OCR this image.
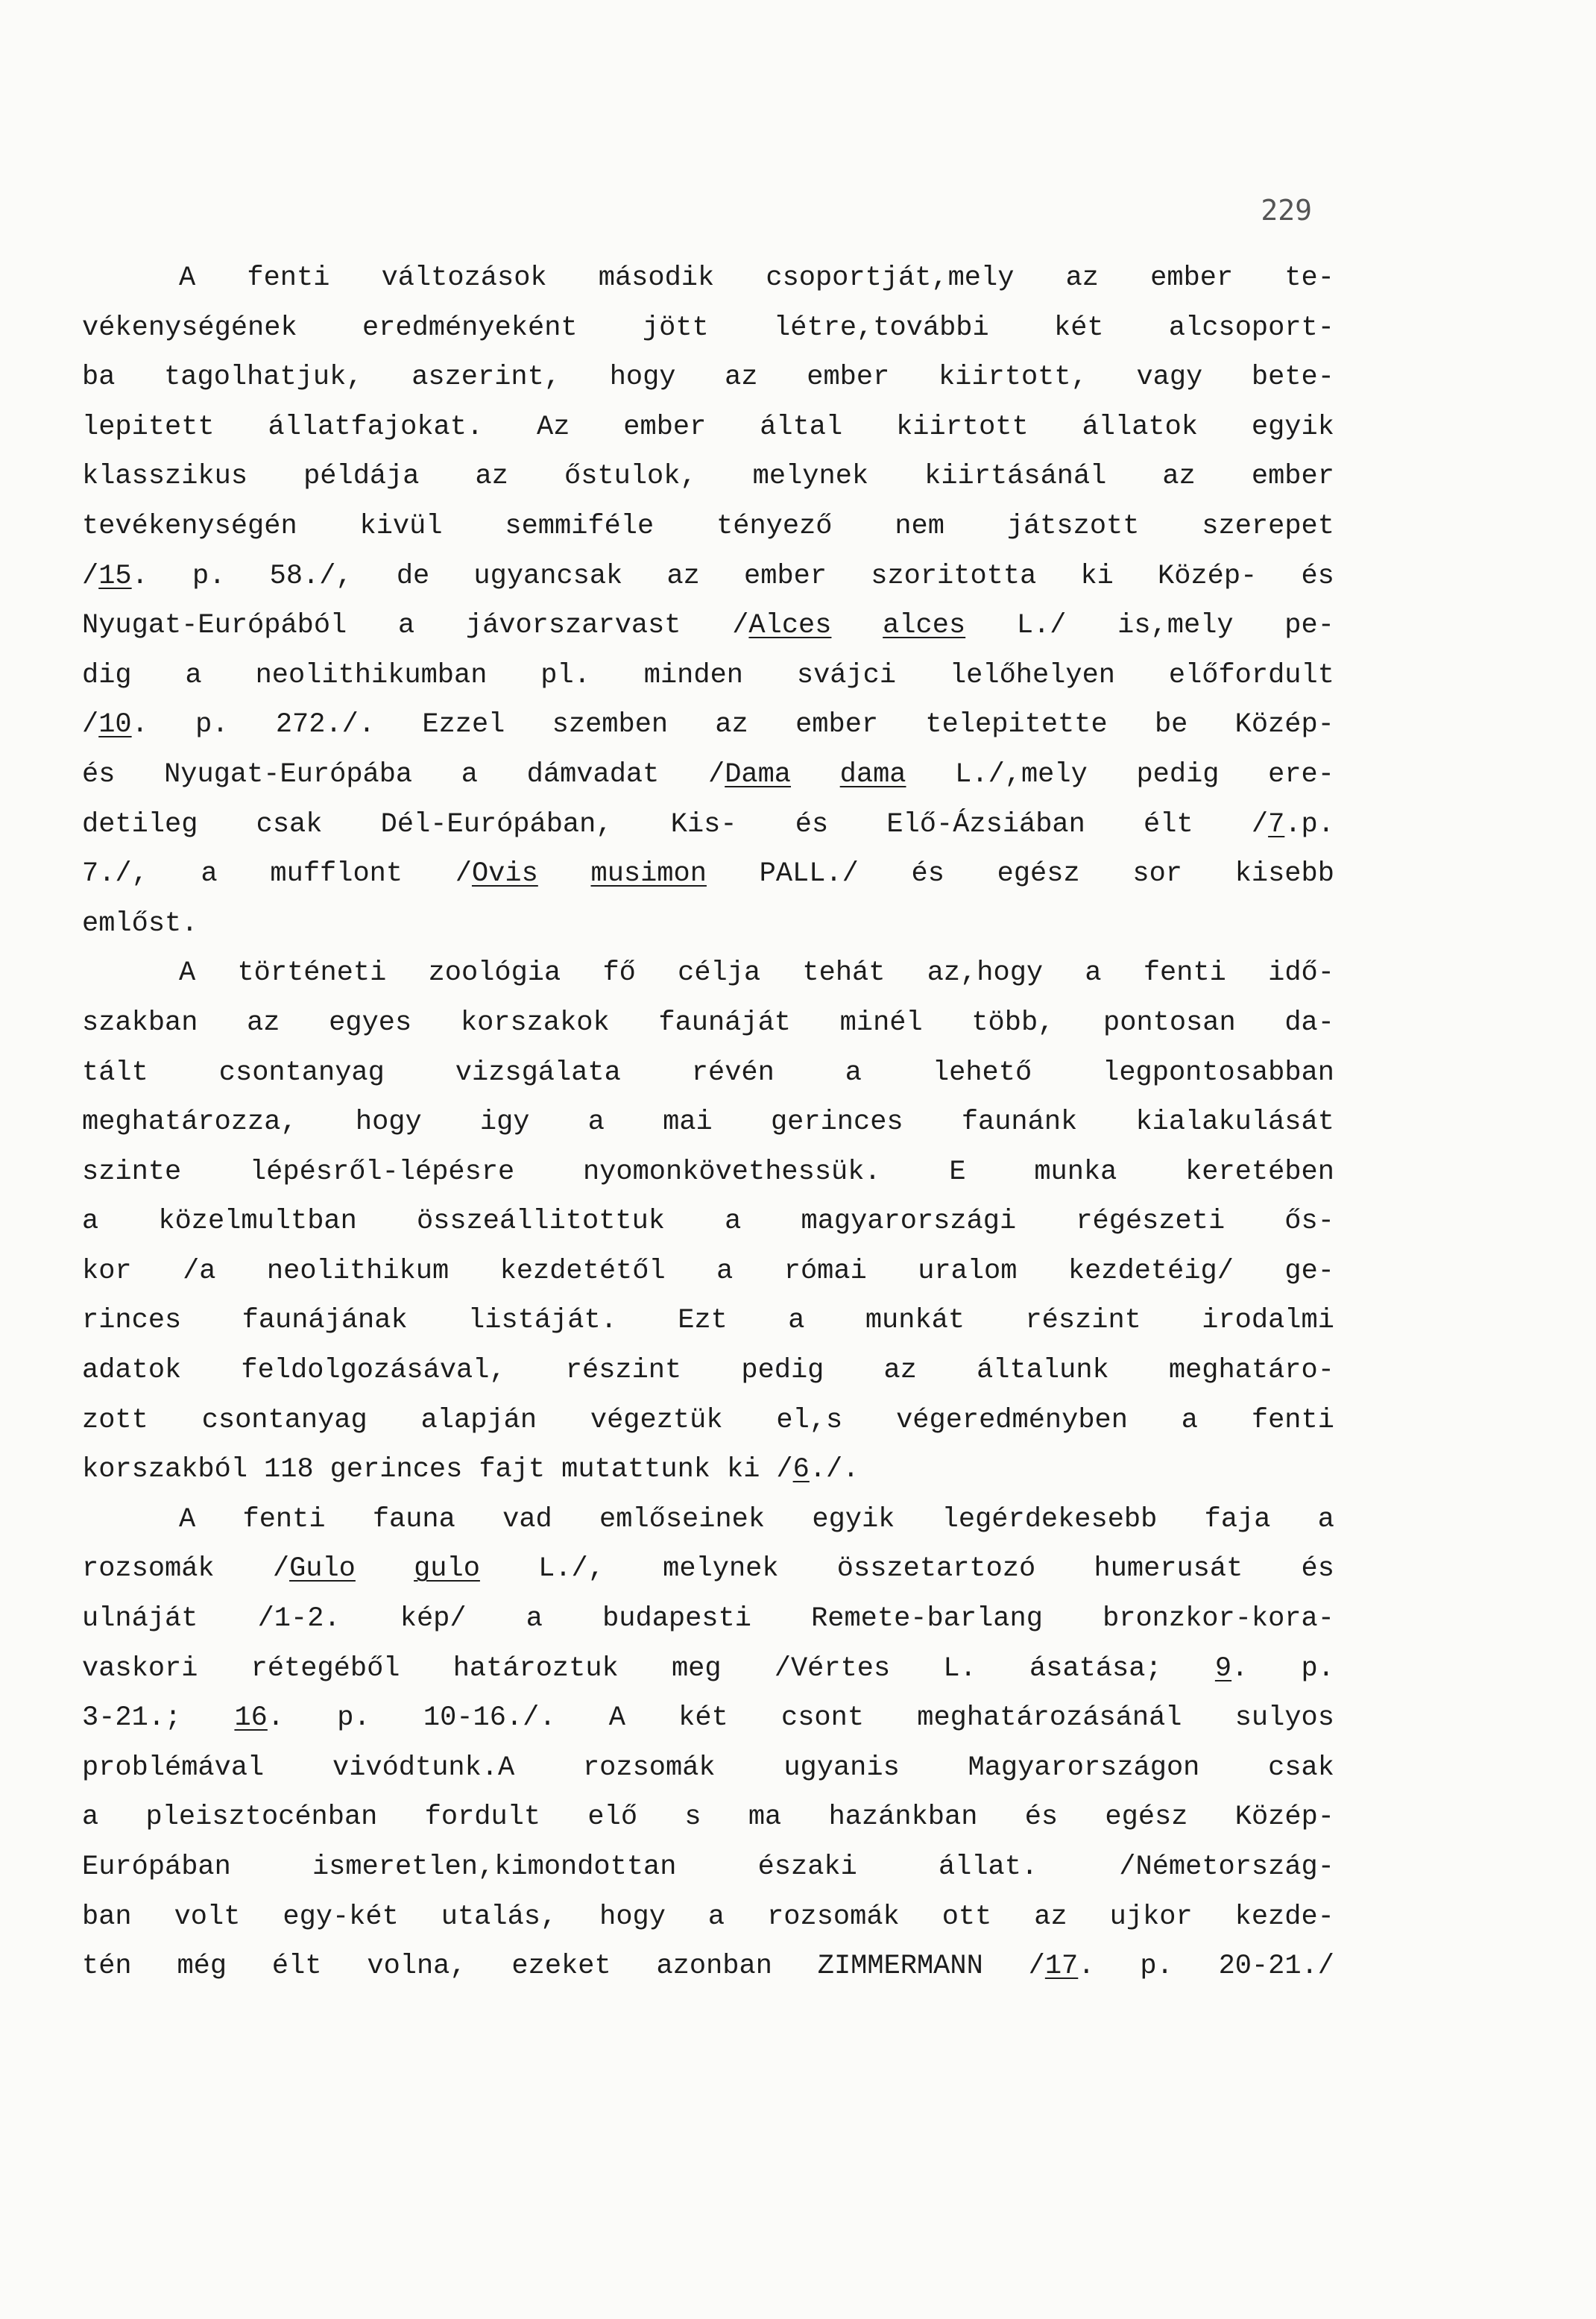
229
A fenti változások második csoportját,mely az ember te-
vékenységének eredményeként jött létre,további két alcsoport-
ba tagolhatjuk, aszerint, hogy az ember kiirtott, vagy bete-
lepitett állatfajokat. Az ember által kiirtott állatok egyik
klasszikus példája az őstulok, melynek kiirtásánál az ember
tevékenységén kivül semmiféle tényező nem játszott szerepet
/15. p. 58./, de ugyancsak az ember szoritotta ki Közép- és
Nyugat-Európából a jávorszarvast /Alces alces L./ is,mely pe-
dig a neolithikumban pl. minden svájci lelőhelyen előfordult
/10. p. 272./. Ezzel szemben az ember telepitette be Közép-
és Nyugat-Európába a dámvadat /Dama dama L./,mely pedig ere-
detileg csak Dél-Európában, Kis- és Elő-Ázsiában élt /7.p.
7./, a mufflont /Ovis musimon PALL./ és egész sor kisebb
emlőst.
A történeti zoológia fő célja tehát az,hogy a fenti idő-
szakban az egyes korszakok faunáját minél több, pontosan da-
tált	csontanyag	vizsgálata	révén	a	lehető	legpontosabban
meghatározza, hogy igy a mai gerinces faunánk kialakulását
szinte lépésről-lépésre nyomonkövethessük. E munka keretében
a közelmultban összeállitottuk a magyarországi régészeti ős-
kor /a neolithikum kezdetétől a római uralom kezdetéig/ ge-
rinces faunájának listáját. Ezt a munkát részint irodalmi
adatok feldolgozásával, részint pedig az általunk meghatáro-
zott csontanyag alapján végeztük el,s végeredményben a fenti
korszakból 118 gerinces fajt mutattunk ki /6./.
A fenti fauna vad emlőseinek egyik legérdekesebb faja a
rozsomák /Gulo gulo L./, melynek összetartozó humerusát és
ulnáját /1-2. kép/ a budapesti Remete-barlang bronzkor-kora-
vaskori rétegéből határoztuk meg /Vértes L. ásatása; 9. p.
3-21.; 16. p. 10-16./. A két csont meghatározásánál sulyos
problémával vivódtunk.A rozsomák ugyanis Magyarországon csak
a pleisztocénban fordult elő s ma hazánkban és egész Közép-
Európában	ismeretlen,kimondottan	északi	állat.	/Németország-
ban volt egy-két utalás, hogy a rozsomák ott az ujkor kezde-
tén még élt volna, ezeket azonban ZIMMERMANN /17. p. 20-21./
